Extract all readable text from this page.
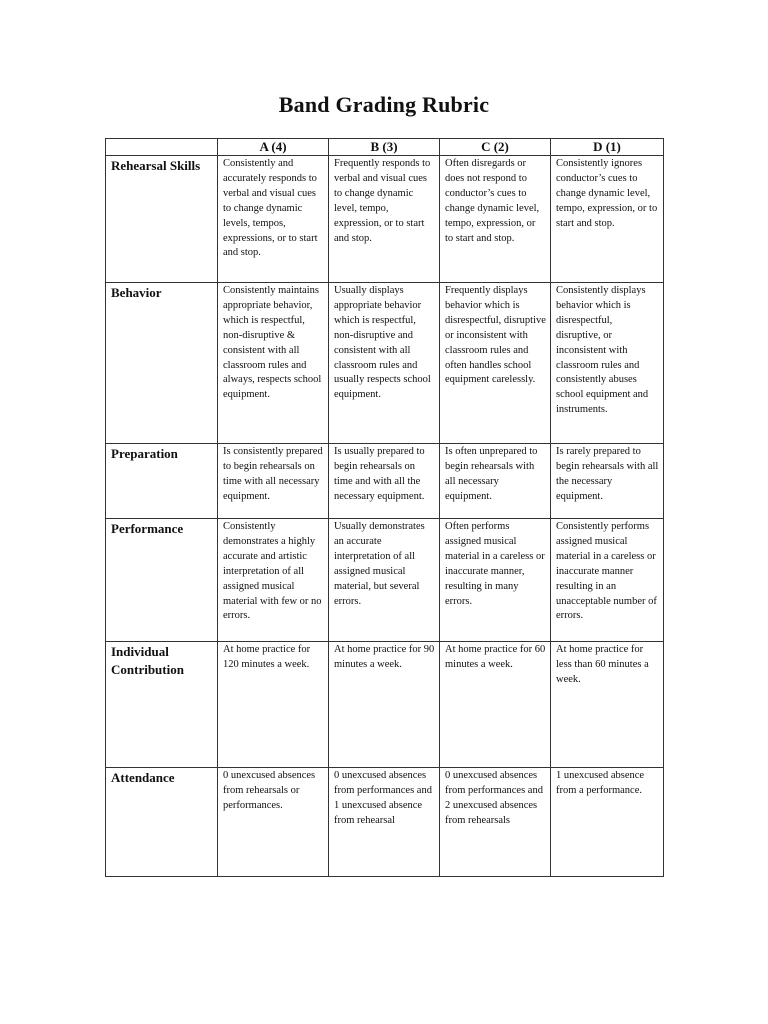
Band Grading Rubric
	A (4)	B (3)	C (2)	D (1)
Rehearsal Skills	Consistently and accurately responds to verbal and visual cues to change dynamic levels, tempos, expressions, or to start and stop.	Frequently responds to verbal and visual cues to change dynamic level, tempo, expression, or to start and stop.	Often disregards or does not respond to conductor’s cues to change dynamic level, tempo, expression, or to start and stop.	Consistently ignores conductor’s cues to change dynamic level, tempo, expression, or to start and stop.
Behavior	Consistently maintains appropriate behavior, which is respectful, non-disruptive & consistent with all classroom rules and always, respects school equipment.	Usually displays appropriate behavior which is respectful, non-disruptive and consistent with all classroom rules and usually respects school equipment.	Frequently displays behavior which is disrespectful, disruptive or inconsistent with classroom rules and often handles school equipment carelessly.	Consistently displays behavior which is disrespectful, disruptive, or inconsistent with classroom rules and consistently abuses school equipment and instruments.
Preparation	Is consistently prepared to begin rehearsals on time with all necessary equipment.	Is usually prepared to begin rehearsals on time and with all the necessary equipment.	Is often unprepared to begin rehearsals with all necessary equipment.	Is rarely prepared to begin rehearsals with all the necessary equipment.
Performance	Consistently demonstrates a highly accurate and artistic interpretation of all assigned musical material with few or no errors.	Usually demonstrates an accurate interpretation of all assigned musical material, but several errors.	Often performs assigned musical material in a careless or inaccurate manner, resulting in many errors.	Consistently performs assigned musical material in a careless or inaccurate manner resulting in an unacceptable number of errors.
Individual Contribution	At home practice for 120 minutes a week.	At home practice for 90 minutes a week.	At home practice for 60 minutes a week.	At home practice for less than 60 minutes a week.
Attendance	0 unexcused absences from rehearsals or performances.	0 unexcused absences from performances and 1 unexcused absence from rehearsal	0 unexcused absences from performances and 2 unexcused absences from rehearsals	1 unexcused absence from a performance.
